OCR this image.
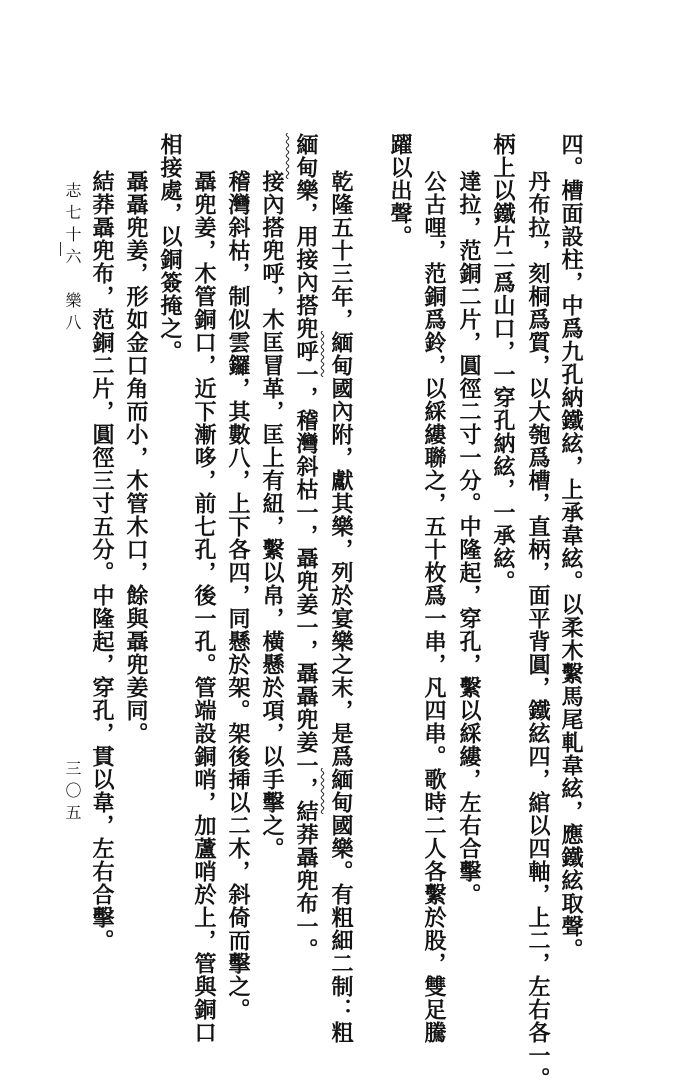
四。槽面設柱，中爲九孔納鐵絃，上承韋絃。以柔木繫馬尾軋韋絃，應鐵絃取聲。
丹布拉，刻桐爲質，以大匏爲槽，直柄，面平背圓，鐵絃四，綰以四軸，上二，左右各一。
柄上以鐵片二爲山口，一穿孔納絃，一承絃。
達拉，范銅二片，圓徑二寸一分。中隆起，穿孔，繫以綵縷，左右合擊。
公古哩，范銅爲鈴，以綵縷聯之，五十枚爲一串，凡四串。歌時二人各繫於股，雙足騰
躍以出聲。
乾隆五十三年，緬甸國內附，獻其樂，列於宴樂之末，是爲緬甸國樂。有粗細二制：粗
緬甸樂，用接內搭兜呼一，稽灣斜枯一，聶兜姜一，聶聶兜姜一，結莽聶兜布一。
接內搭兜呼，木匡冒革，匡上有紐，繫以帛，橫懸於項，以手擊之。
稽灣斜枯，制似雲鑼，其數八，上下各四，同懸於架。架後揷以二木，斜倚而擊之。
聶兜姜，木管銅口，近下漸哆，前七孔，後一孔。管端設銅哨，加蘆哨於上，管與銅口
相接處，以銅簽掩之。
聶聶兜姜，形如金口角而小，木管木口，餘與聶兜姜同。
結莽聶兜布，范銅二片，圓徑三寸五分。中隆起，穿孔，貫以韋，左右合擊。
志七十六　樂八
三〇五
